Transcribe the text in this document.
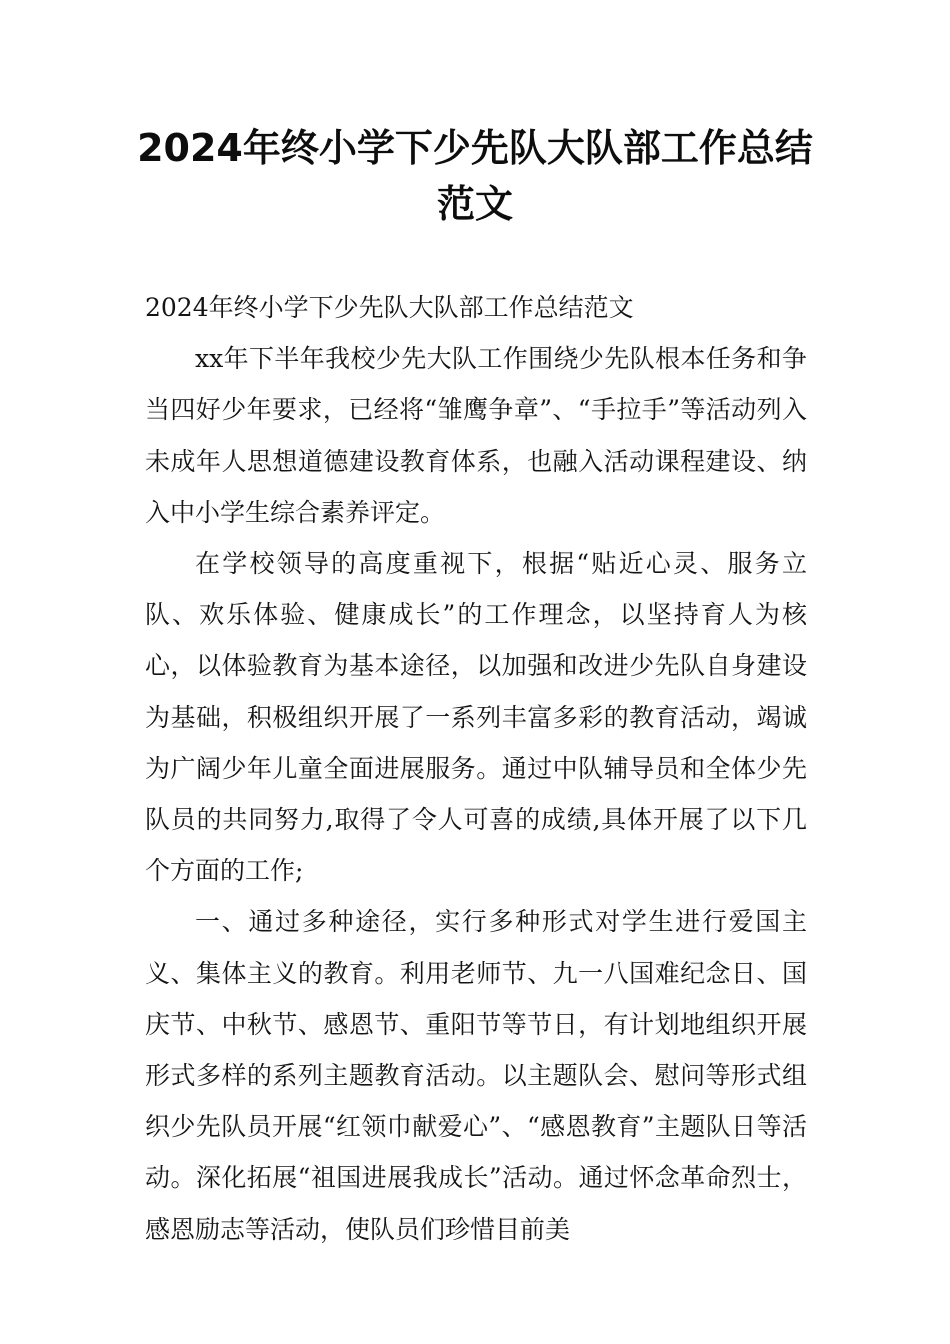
2024年终小学下少先队大队部工作总结范文

2024年终小学下少先队大队部工作总结范文

xx年下半年我校少先大队工作围绕少先队根本任务和争当四好少年要求，已经将“雏鹰争章”、“手拉手”等活动列入未成年人思想道德建设教育体系，也融入活动课程建设、纳入中小学生综合素养评定。

在学校领导的高度重视下，根据“贴近心灵、服务立队、欢乐体验、健康成长”的工作理念，以坚持育人为核心，以体验教育为基本途径，以加强和改进少先队自身建设为基础，积极组织开展了一系列丰富多彩的教育活动，竭诚为广阔少年儿童全面进展服务。通过中队辅导员和全体少先队员的共同努力,取得了令人可喜的成绩,具体开展了以下几个方面的工作;

一、通过多种途径，实行多种形式对学生进行爱国主义、集体主义的教育。利用老师节、九一八国难纪念日、国庆节、中秋节、感恩节、重阳节等节日，有计划地组织开展形式多样的系列主题教育活动。以主题队会、慰问等形式组织少先队员开展“红领巾献爱心”、“感恩教育”主题队日等活动。深化拓展“祖国进展我成长”活动。通过怀念革命烈士，感恩励志等活动，使队员们珍惜目前美
